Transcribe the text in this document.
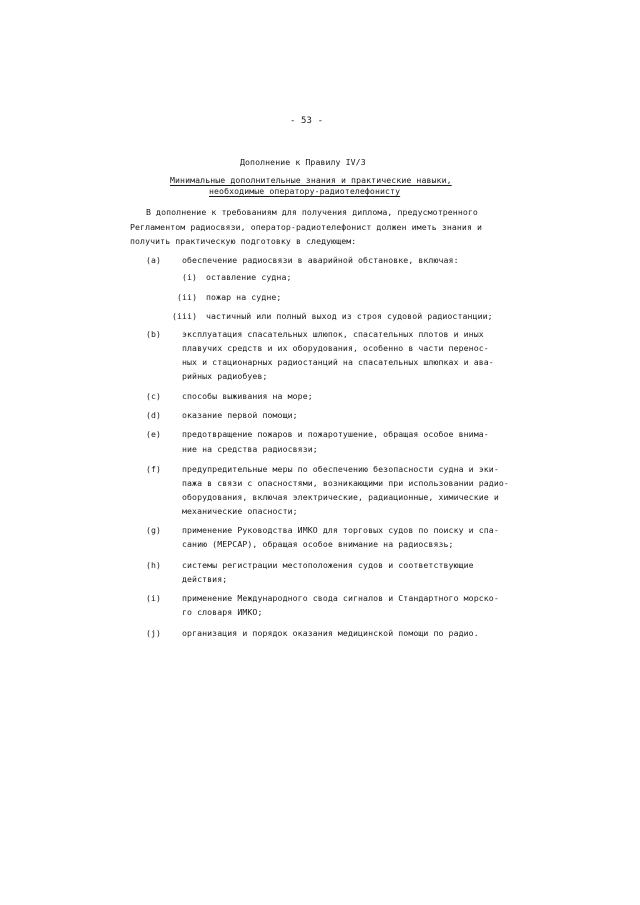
- 53 -
Дополнение к Правилу IV/3
Минимальные дополнительные знания и практические навыки,
необходимые оператору-радиотелефонисту
В дополнение к требованиям для получения диплома, предусмотренного
Регламентом радиосвязи, оператор-радиотелефонист должен иметь знания и
получить практическую подготовку в следующем:
(a)	обеспечение радиосвязи в аварийной обстановке, включая:
(i) оставление судна;
(ii) пожар на судне;
(iii) частичный или полный выход из строя судовой радиостанции;
(b)	эксплуатация спасательных шлюпок, спасательных плотов и иных
плавучих средств и их оборудования, особенно в части перенос-
ных и стационарных радиостанций на спасательных шлюпках и ава-
рийных радиобуев;
(c)	способы выживания на море;
(d)	оказание первой помощи;
(e)	предотвращение пожаров и пожаротушение, обращая особое внима-
ние на средства радиосвязи;
(f)	предупредительные меры по обеспечению безопасности судна и эки-
пажа в связи с опасностями, возникающими при использовании радио-
оборудования, включая электрические, радиационные, химические и
механические опасности;
(g)	применение Руководства ИМКО для торговых судов по поиску и спа-
санию (МЕРСАР), обращая особое внимание на радиосвязь;
(h)	системы регистрации местоположения судов и соответствующие
действия;
(i)	применение Международного свода сигналов и Стандартного морско-
го словаря ИМКО;
(j)	организация и порядок оказания медицинской помощи по радио.
